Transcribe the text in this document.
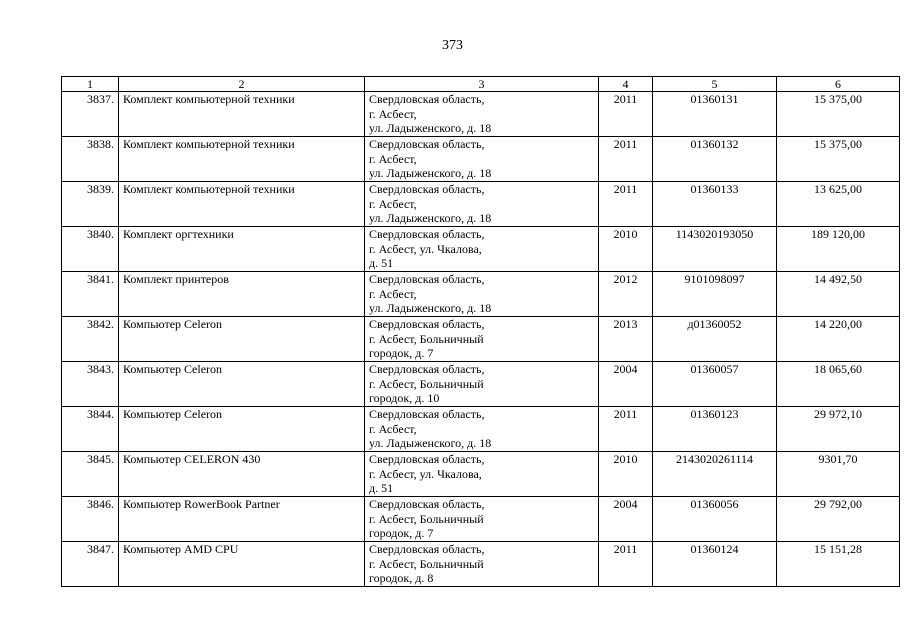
373
1	2	3	4	5	6
3837.	Комплект компьютерной техники	Свердловская область,
г. Асбест,
ул. Ладыженского, д. 18	2011	01360131	15 375,00
3838.	Комплект компьютерной техники	Свердловская область,
г. Асбест,
ул. Ладыженского, д. 18	2011	01360132	15 375,00
3839.	Комплект компьютерной техники	Свердловская область,
г. Асбест,
ул. Ладыженского, д. 18	2011	01360133	13 625,00
3840.	Комплект оргтехники	Свердловская область,
г. Асбест, ул. Чкалова,
д. 51	2010	1143020193050	189 120,00
3841.	Комплект принтеров	Свердловская область,
г. Асбест,
ул. Ладыженского, д. 18	2012	9101098097	14 492,50
3842.	Компьютер Celeron	Свердловская область,
г. Асбест, Больничный
городок, д. 7	2013	д01360052	14 220,00
3843.	Компьютер Celeron	Свердловская область,
г. Асбест, Больничный
городок, д. 10	2004	01360057	18 065,60
3844.	Компьютер Celeron	Свердловская область,
г. Асбест,
ул. Ладыженского, д. 18	2011	01360123	29 972,10
3845.	Компьютер CELERON 430	Свердловская область,
г. Асбест, ул. Чкалова,
д. 51	2010	2143020261114	9301,70
3846.	Компьютер RowerBook Partner	Свердловская область,
г. Асбест, Больничный
городок, д. 7	2004	01360056	29 792,00
3847.	Компьютер AMD CPU	Свердловская область,
г. Асбест, Больничный
городок, д. 8	2011	01360124	15 151,28
